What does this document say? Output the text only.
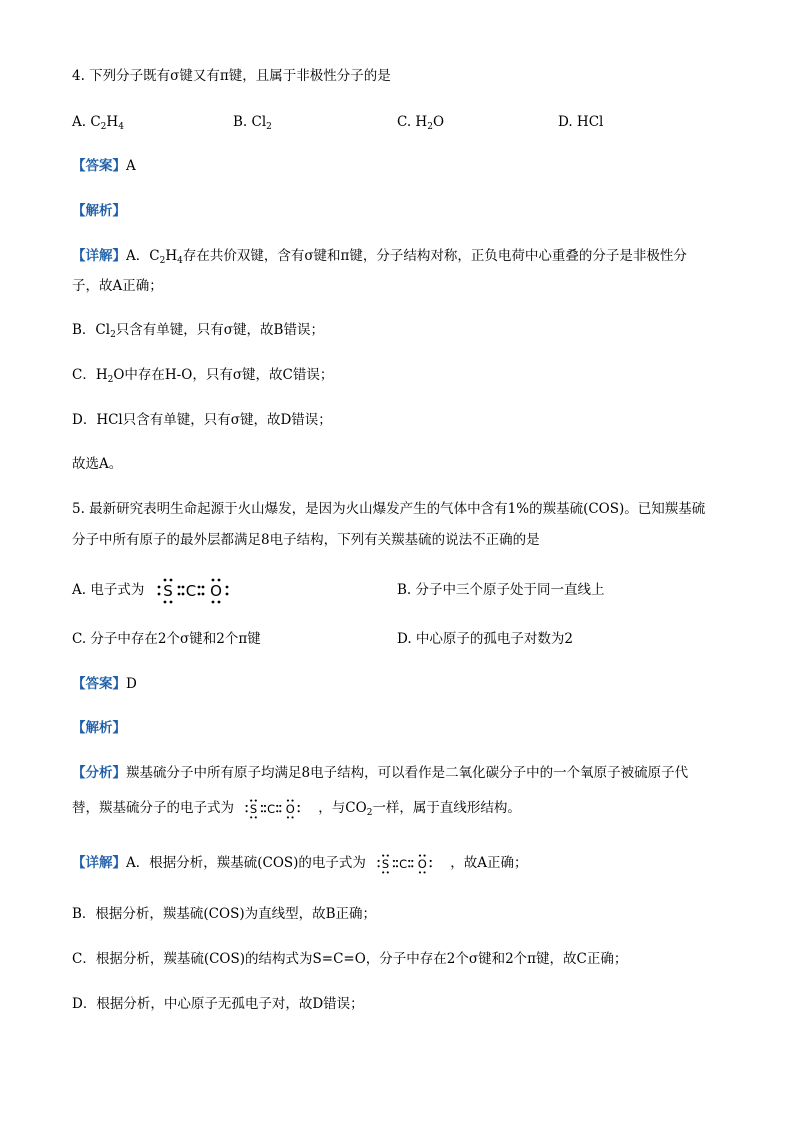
4. 下列分子既有σ键又有π键，且属于非极性分子的是
A. $C_2H_4$	B. $Cl_2$	C. $H_2O$	D. HCl
【答案】A
【解析】
【详解】A．$C_2H_4$存在共价双键，含有σ键和π键，分子结构对称，正负电荷中心重叠的分子是非极性分
子，故A正确；
B．$Cl_2$只含有单键，只有σ键，故B错误；
C．$H_2O$中存在H-O，只有σ键，故C错误；
D．HCl只含有单键，只有σ键，故D错误；
故选A。
5. 最新研究表明生命起源于火山爆发，是因为火山爆发产生的气体中含有1%的羰基硫(COS)。已知羰基硫
分子中所有原子的最外层都满足8电子结构，下列有关羰基硫的说法不正确的是
A. 电子式为 S C O	B. 分子中三个原子处于同一直线上
C. 分子中存在2个σ键和2个π键	D. 中心原子的孤电子对数为2
【答案】D
【解析】
【分析】羰基硫分子中所有原子均满足8电子结构，可以看作是二氧化碳分子中的一个氧原子被硫原子代
替，羰基硫分子的电子式为 S C O ，与$CO_2$一样，属于直线形结构。
【详解】A．根据分析，羰基硫(COS)的电子式为 S C O ，故A正确；
B．根据分析，羰基硫(COS)为直线型，故B正确；
C．根据分析，羰基硫(COS)的结构式为S=C=O，分子中存在2个σ键和2个π键，故C正确；
D．根据分析，中心原子无孤电子对，故D错误；
